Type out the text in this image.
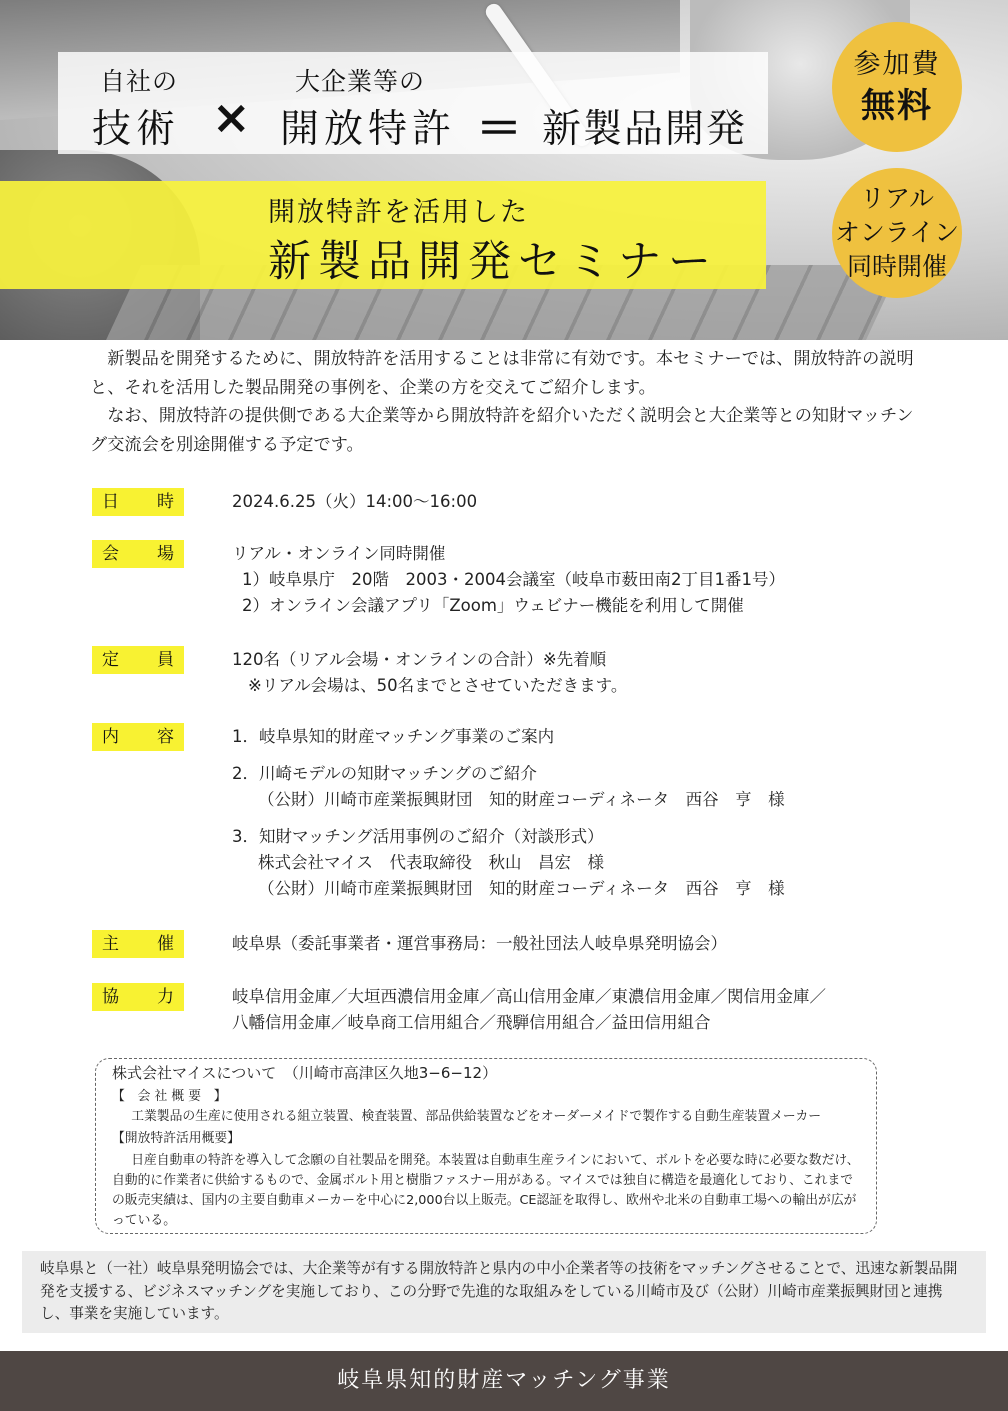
自社の
技術 ×
大企業等の
開放特許 ＝ 新製品開発
開放特許を活用した
新製品開発セミナー
参加費
無料
リアル
オンライン
同時開催

新製品を開発するために、開放特許を活用することは非常に有効です。本セミナーでは、開放特許の説明と、それを活用した製品開発の事例を、企業の方を交えてご紹介します。

なお、開放特許の提供側である大企業等から開放特許を紹介いただく説明会と大企業等との知財マッチング交流会を別途開催する予定です。

日 時	2024.6.25（火）14:00～16:00
会 場	リアル・オンライン同時開催
1）岐阜県庁　20階　2003・2004会議室（岐阜市薮田南2丁目1番1号）
2）オンライン会議アプリ「Zoom」ウェビナー機能を利用して開催
定 員	120名（リアル会場・オンラインの合計）※先着順
※リアル会場は、50名までとさせていただきます。
内 容	1．岐阜県知的財産マッチング事業のご案内
2．川崎モデルの知財マッチングのご紹介
（公財）川崎市産業振興財団　知的財産コーディネータ　西谷　亨　様
3．知財マッチング活用事例のご紹介（対談形式）
株式会社マイス　代表取締役　秋山　昌宏　様
（公財）川崎市産業振興財団　知的財産コーディネータ　西谷　亨　様
主 催	岐阜県（委託事業者・運営事務局：一般社団法人岐阜県発明協会）
協 力	岐阜信用金庫／大垣西濃信用金庫／高山信用金庫／東濃信用金庫／関信用金庫／
八幡信用金庫／岐阜商工信用組合／飛騨信用組合／益田信用組合
株式会社マイスについて　（川崎市高津区久地3−6−12）
【　会 社 概 要　】
工業製品の生産に使用される組立装置、検査装置、部品供給装置などをオーダーメイドで製作する自動生産装置メーカー
【開放特許活用概要】
日産自動車の特許を導入して念願の自社製品を開発。本装置は自動車生産ラインにおいて、ボルトを必要な時に必要な数だけ、自動的に作業者に供給するもので、金属ボルト用と樹脂ファスナー用がある。マイスでは独自に構造を最適化しており、これまでの販売実績は、国内の主要自動車メーカーを中心に2,000台以上販売。CE認証を取得し、欧州や北米の自動車工場への輸出が広がっている。
岐阜県と（一社）岐阜県発明協会では、大企業等が有する開放特許と県内の中小企業者等の技術をマッチングさせることで、迅速な新製品開発を支援する、ビジネスマッチングを実施しており、この分野で先進的な取組みをしている川崎市及び（公財）川崎市産業振興財団と連携し、事業を実施しています。
岐阜県知的財産マッチング事業
